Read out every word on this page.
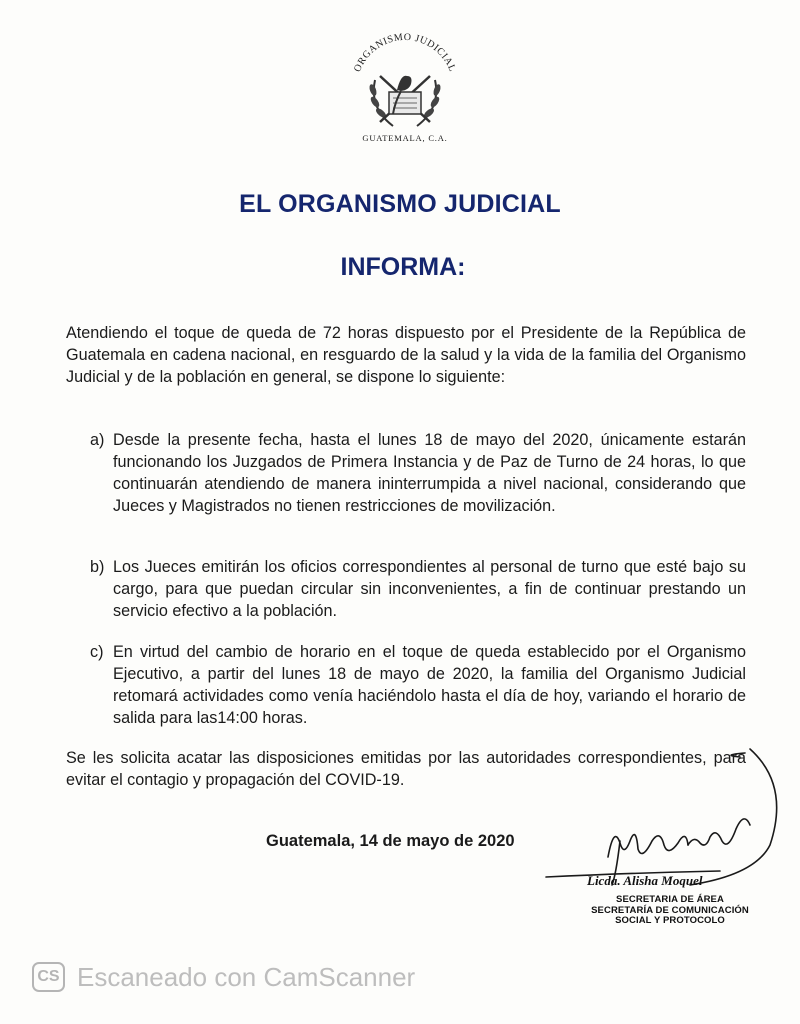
ORGANISMO JUDICIAL
GUATEMALA, C.A.
EL ORGANISMO JUDICIAL
INFORMA:
Atendiendo el toque de queda de 72 horas dispuesto por el Presidente de la República de Guatemala en cadena nacional, en resguardo de la salud y la vida de la familia del Organismo Judicial y de la población en general, se dispone lo siguiente:
a) Desde la presente fecha, hasta el lunes 18 de mayo del 2020, únicamente estarán funcionando los Juzgados de Primera Instancia y de Paz de Turno de 24 horas, lo que continuarán atendiendo de manera ininterrumpida a nivel nacional, considerando que Jueces y Magistrados no tienen restricciones de movilización.
b) Los Jueces emitirán los oficios correspondientes al personal de turno que esté bajo su cargo, para que puedan circular sin inconvenientes, a fin de continuar prestando un servicio efectivo a la población.
c) En virtud del cambio de horario en el toque de queda establecido por el Organismo Ejecutivo, a partir del lunes 18 de mayo de 2020, la familia del Organismo Judicial retomará actividades como venía haciéndolo hasta el día de hoy, variando el horario de salida para las14:00 horas.
Se les solicita acatar las disposiciones emitidas por las autoridades correspondientes, para evitar el contagio y propagación del COVID-19.
Guatemala, 14 de mayo de 2020
Licda. Alisha Moquel
SECRETARIA DE ÁREA
SECRETARÍA DE COMUNICACIÓN
SOCIAL Y PROTOCOLO
CS Escaneado con CamScanner
